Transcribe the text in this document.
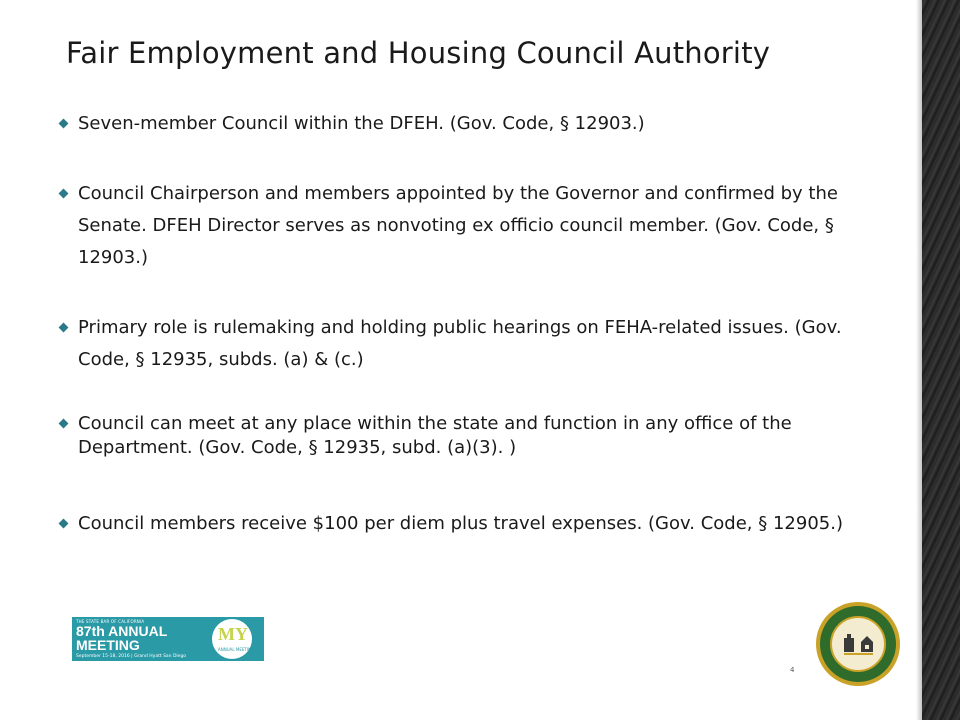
Fair Employment and Housing Council Authority
Seven-member Council within the DFEH. (Gov. Code, § 12903.)
Council Chairperson and members appointed by the Governor and confirmed by the Senate. DFEH Director serves as nonvoting ex officio council member. (Gov. Code, § 12903.)
Primary role is rulemaking and holding public hearings on FEHA-related issues. (Gov. Code, § 12935, subds. (a) & (c.)
Council can meet at any place within the state and function in any office of the Department. (Gov. Code, § 12935, subd. (a)(3). )
Council members receive $100 per diem plus travel expenses. (Gov. Code, § 12905.)
THE STATE BAR OF CALIFORNIA
87th ANNUAL
MEETING
September 15-18, 2016 | Grand Hyatt San Diego
MY
ANNUAL MEETING
4
